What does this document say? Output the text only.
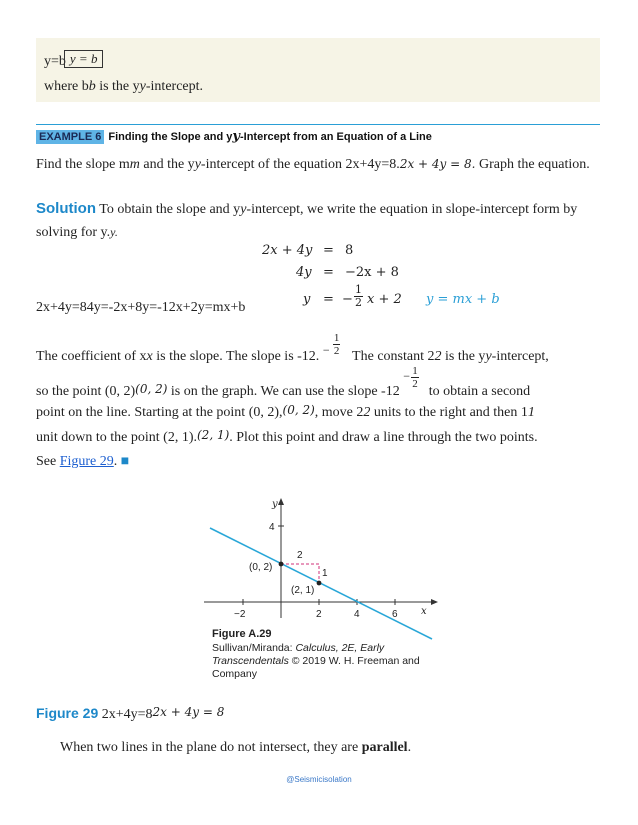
y=b y = b
where bb is the yy-intercept.
EXAMPLE 6 Finding the Slope and yy-Intercept from an Equation of a Line
Find the slope mm and the yy-intercept of the equation 2x+4y=8.2x + 4y = 8. Graph the equation.
Solution To obtain the slope and yy-intercept, we write the equation in slope-intercept form by solving for y.y.
2x + 4y = 8
4y = −2x + 8
y = − $\frac{1}{2}$ x + 2 y = mx + b
2x+4y=84y=-2x+8y=-12x+2y=mx+b
The coefficient of xx is the slope. The slope is -12. − $\frac{1}{2}$ The constant 22 is the yy-intercept,
so the point (0, 2)(0, 2) is on the graph. We can use the slope -12
− $\frac{1}{2}$
to obtain a second
point on the line. Starting at the point (0, 2),(0, 2), move 22 units to the right and then 11
unit down to the point (2, 1).(2, 1). Plot this point and draw a line through the two points.
See Figure 29. ■
y
x
4
−2	2	4	6
2
1
(0, 2)
(2, 1)
Figure A.29
Sullivan/Miranda: Calculus, 2E, Early
Transcendentals © 2019 W. H. Freeman and
Company
Figure 29 2x+4y=82x + 4y = 8
When two lines in the plane do not intersect, they are parallel.
@Seismicisolation
